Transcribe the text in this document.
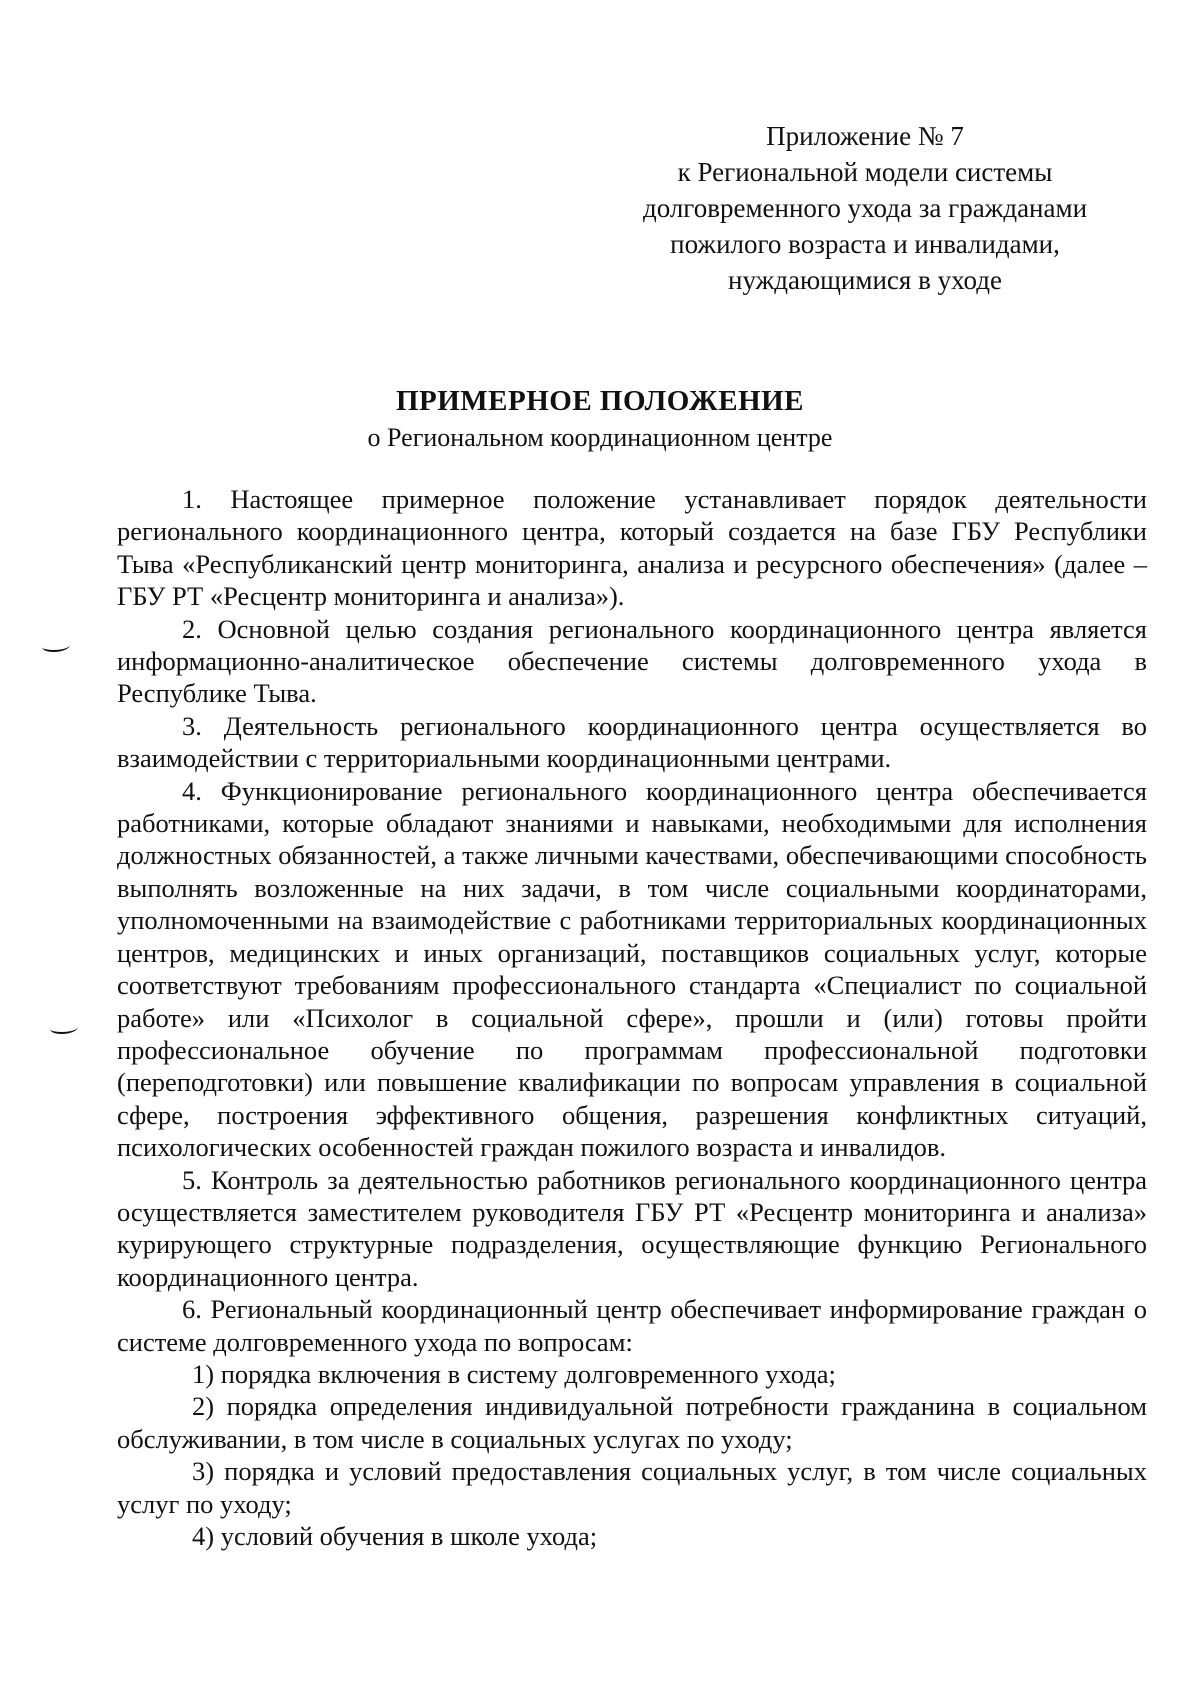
Приложение № 7
к Региональной модели системы
долговременного ухода за гражданами
пожилого возраста и инвалидами,
нуждающимися в уходе
ПРИМЕРНОЕ ПОЛОЖЕНИЕ
о Региональном координационном центре

1. Настоящее примерное положение устанавливает порядок деятельности регионального координационного центра, который создается на базе ГБУ Республики Тыва «Республиканский центр мониторинга, анализа и ресурсного обеспечения» (далее – ГБУ РТ «Ресцентр мониторинга и анализа»).

2. Основной целью создания регионального координационного центра является информационно-аналитическое обеспечение системы долговременного ухода в Республике Тыва.

3. Деятельность регионального координационного центра осуществляется во взаимодействии с территориальными координационными центрами.

4. Функционирование регионального координационного центра обеспечивается работниками, которые обладают знаниями и навыками, необходимыми для исполнения должностных обязанностей, а также личными качествами, обеспечивающими способность выполнять возложенные на них задачи, в том числе социальными координаторами, уполномоченными на взаимодействие с работниками территориальных координационных центров, медицинских и иных организаций, поставщиков социальных услуг, которые соответствуют требованиям профессионального стандарта «Специалист по социальной работе» или «Психолог в социальной сфере», прошли и (или) готовы пройти профессиональное обучение по программам профессиональной подготовки (переподготовки) или повышение квалификации по вопросам управления в социальной сфере, построения эффективного общения, разрешения конфликтных ситуаций, психологических особенностей граждан пожилого возраста и инвалидов.

5. Контроль за деятельностью работников регионального координационного центра осуществляется заместителем руководителя ГБУ РТ «Ресцентр мониторинга и анализа» курирующего структурные подразделения, осуществляющие функцию Регионального координационного центра.

6. Региональный координационный центр обеспечивает информирование граждан о системе долговременного ухода по вопросам:

1) порядка включения в систему долговременного ухода;

2) порядка определения индивидуальной потребности гражданина в социальном обслуживании, в том числе в социальных услугах по уходу;

3) порядка и условий предоставления социальных услуг, в том числе социальных услуг по уходу;

4) условий обучения в школе ухода;
